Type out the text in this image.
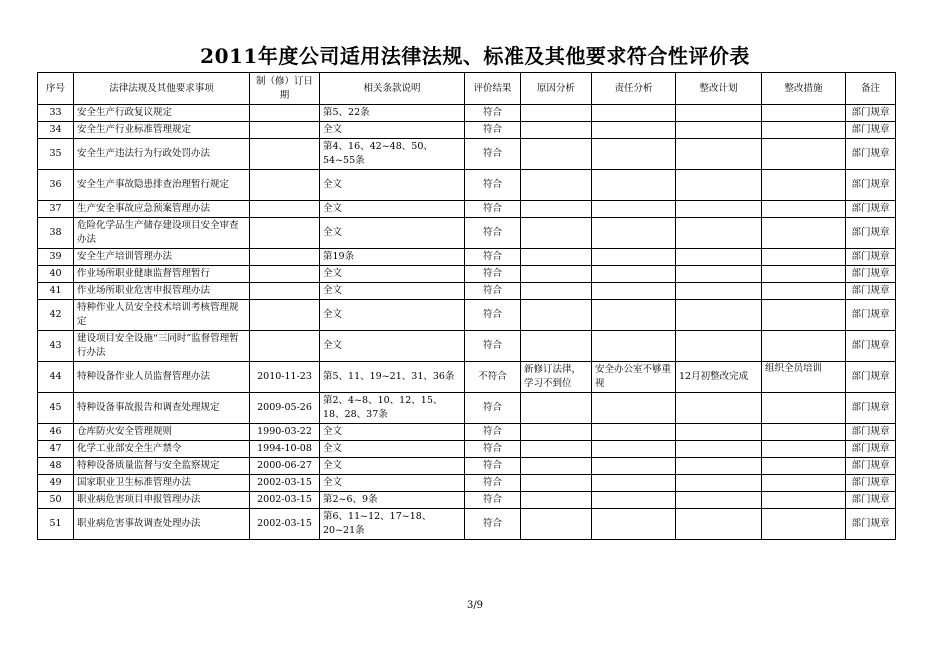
2011年度公司适用法律法规、标准及其他要求符合性评价表
序号	法律法规及其他要求事项	制（修）订日期	相关条款说明	评价结果	原因分析	责任分析	整改计划	整改措施	备注
33	安全生产行政复议规定		第5、22条	符合					部门规章
34	安全生产行业标准管理规定		全文	符合					部门规章
35	安全生产违法行为行政处罚办法		第4、16、42~48、50、54~55条	符合					部门规章
36	安全生产事故隐患排查治理暂行规定		全文	符合					部门规章
37	生产安全事故应急预案管理办法		全文	符合					部门规章
38	危险化学品生产储存建设项目安全审查办法		全文	符合					部门规章
39	安全生产培训管理办法		第19条	符合					部门规章
40	作业场所职业健康监督管理暂行		全文	符合					部门规章
41	作业场所职业危害申报管理办法		全文	符合					部门规章
42	特种作业人员安全技术培训考核管理规定		全文	符合					部门规章
43	建设项目安全设施“三同时”监督管理暂行办法		全文	符合					部门规章
44	特种设备作业人员监督管理办法	2010-11-23	第5、11、19~21、31、36条	不符合	新修订法律，学习不到位	安全办公室不够重视	12月初整改完成	组织全员培训	部门规章
45	特种设备事故报告和调查处理规定	2009-05-26	第2、4~8、10、12、15、18、28、37条	符合					部门规章
46	仓库防火安全管理规则	1990-03-22	全文	符合					部门规章
47	化学工业部安全生产禁令	1994-10-08	全文	符合					部门规章
48	特种设备质量监督与安全监察规定	2000-06-27	全文	符合					部门规章
49	国家职业卫生标准管理办法	2002-03-15	全文	符合					部门规章
50	职业病危害项目申报管理办法	2002-03-15	第2~6、9条	符合					部门规章
51	职业病危害事故调查处理办法	2002-03-15	第6、11~12、17~18、20~21条	符合					部门规章
3/9
